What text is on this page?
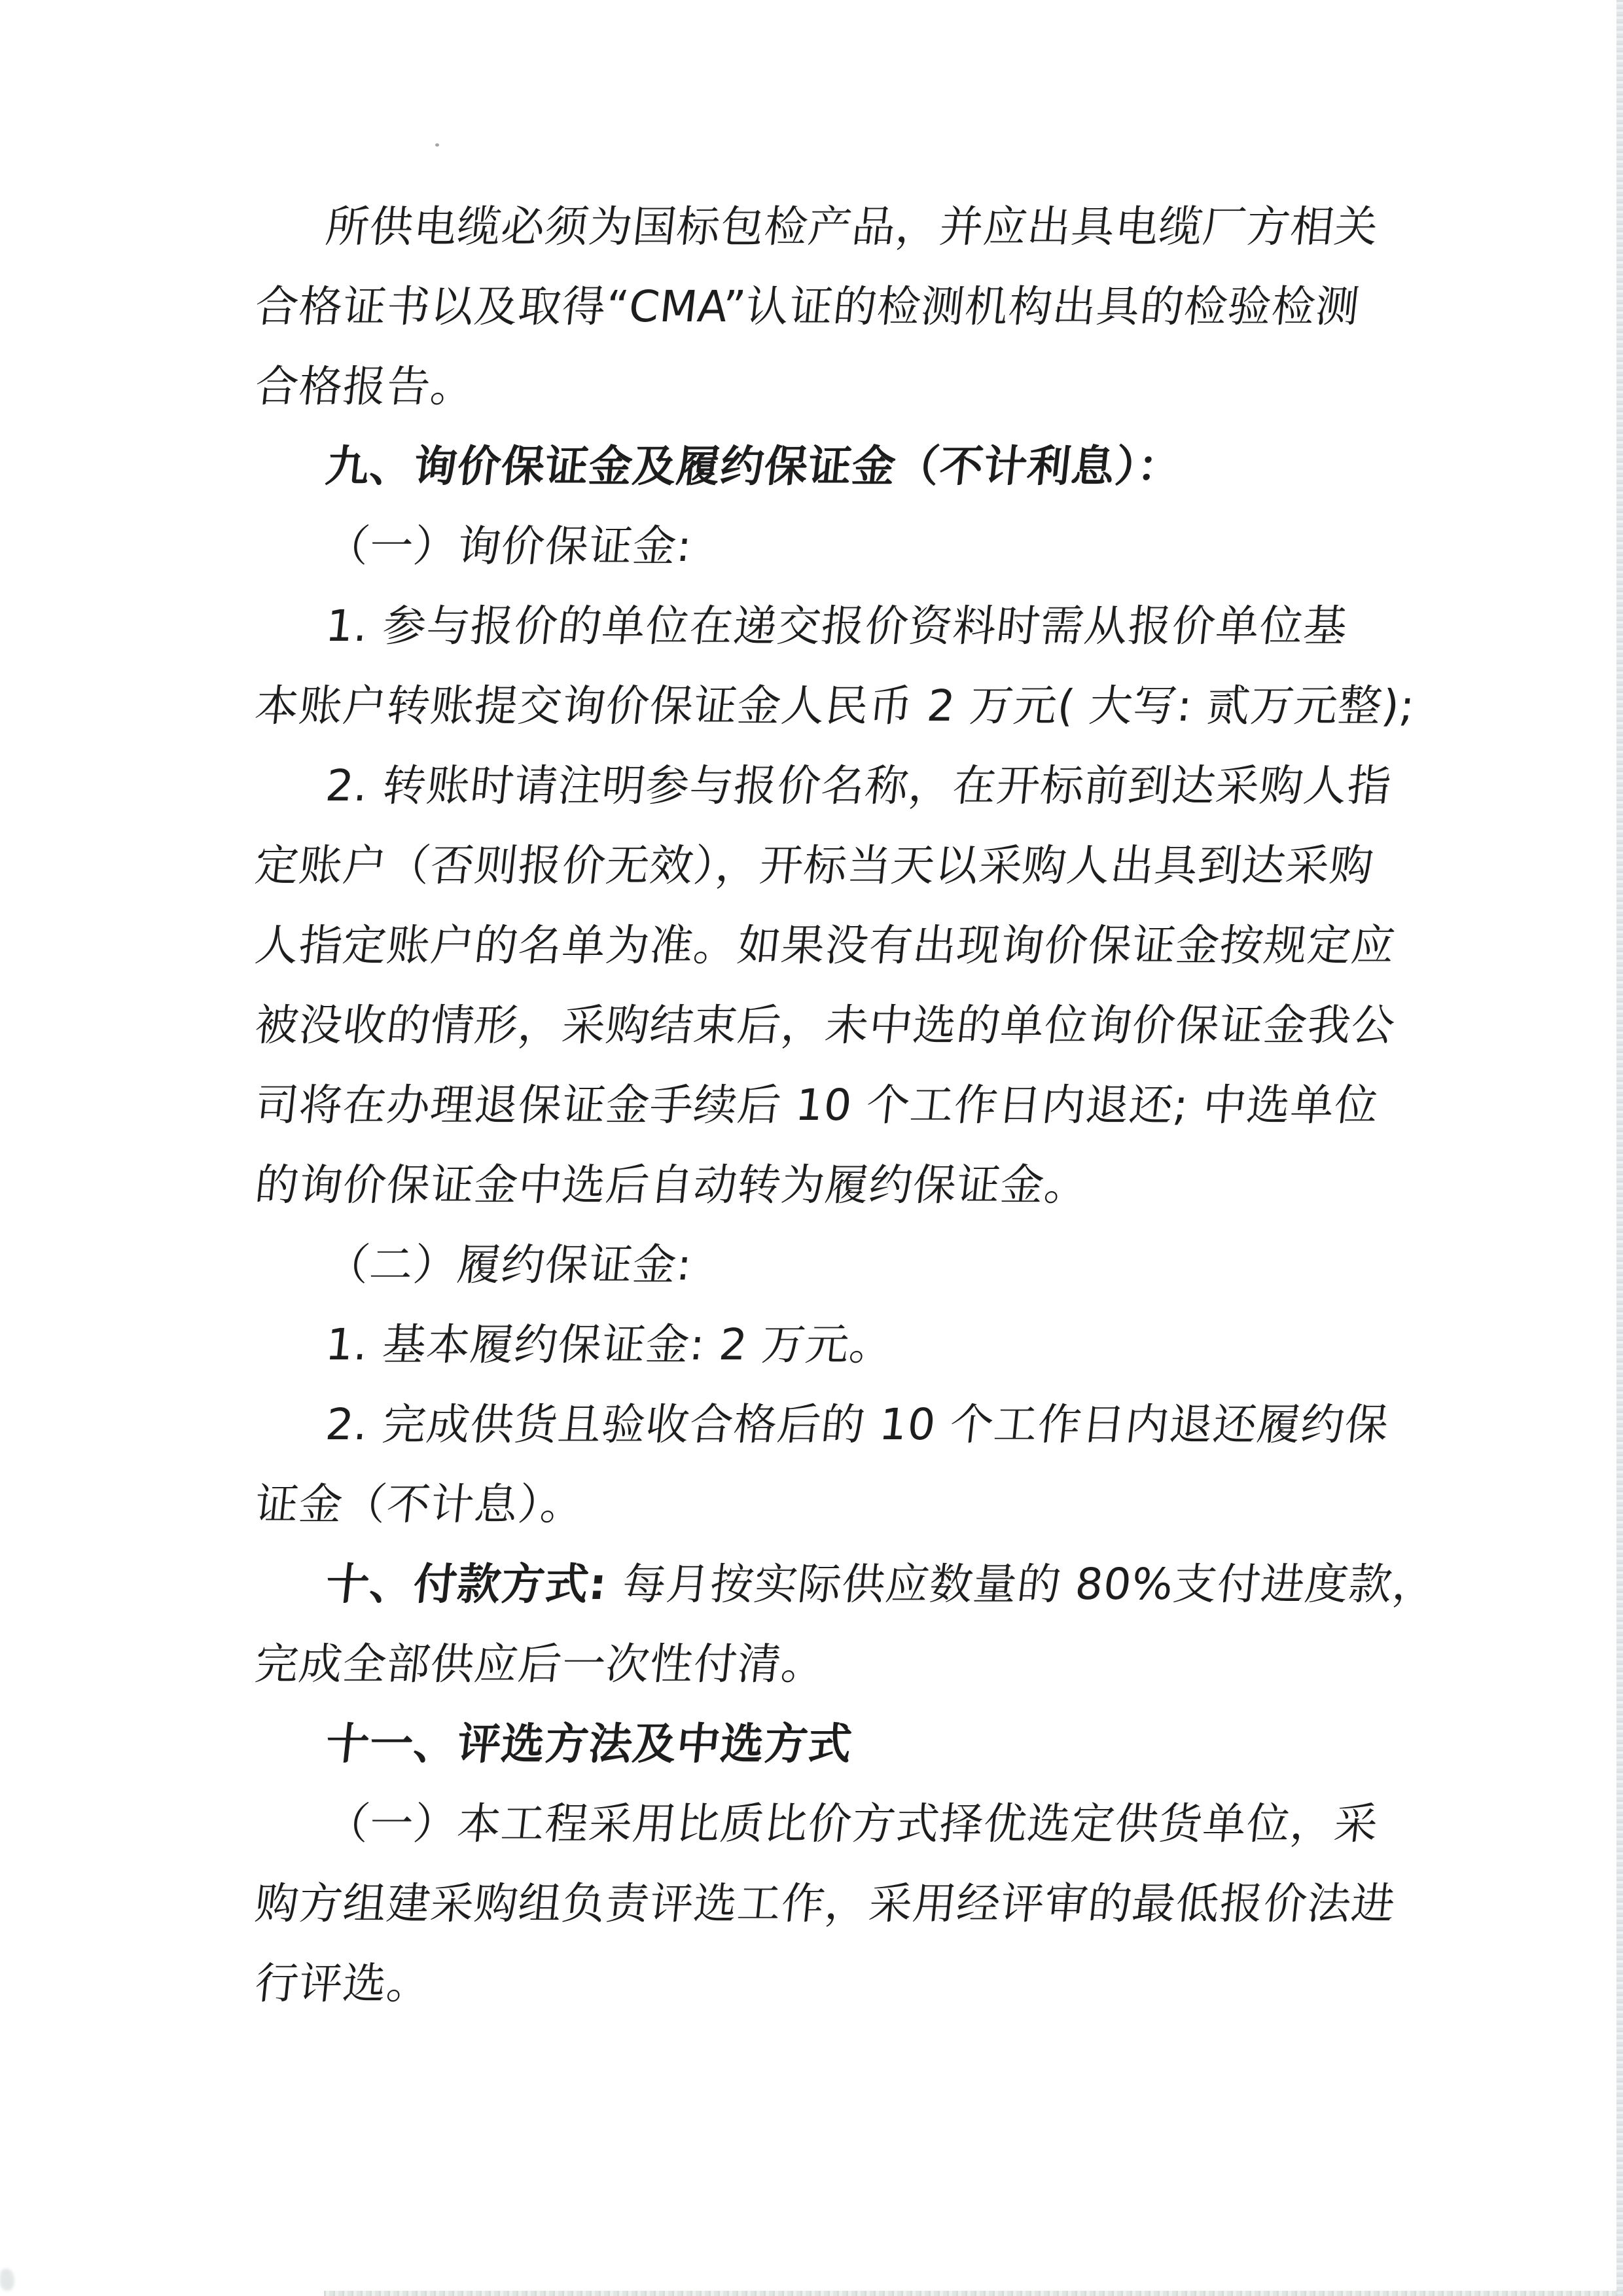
所供电缆必须为国标包检产品，并应出具电缆厂方相关
合格证书以及取得“CMA”认证的检测机构出具的检验检测
合格报告。
九、询价保证金及履约保证金（不计利息）：
（一）询价保证金:
1. 参与报价的单位在递交报价资料时需从报价单位基
本账户转账提交询价保证金人民币 2 万元( 大写: 贰万元整);
2. 转账时请注明参与报价名称，在开标前到达采购人指
定账户（否则报价无效），开标当天以采购人出具到达采购
人指定账户的名单为准。如果没有出现询价保证金按规定应
被没收的情形，采购结束后，未中选的单位询价保证金我公
司将在办理退保证金手续后 10 个工作日内退还; 中选单位
的询价保证金中选后自动转为履约保证金。
（二）履约保证金:
1. 基本履约保证金: 2 万元。
2. 完成供货且验收合格后的 10 个工作日内退还履约保
证金（不计息）。
十、付款方式: 每月按实际供应数量的 80%支付进度款，
完成全部供应后一次性付清。
十一、评选方法及中选方式
（一）本工程采用比质比价方式择优选定供货单位，采
购方组建采购组负责评选工作，采用经评审的最低报价法进
行评选。
